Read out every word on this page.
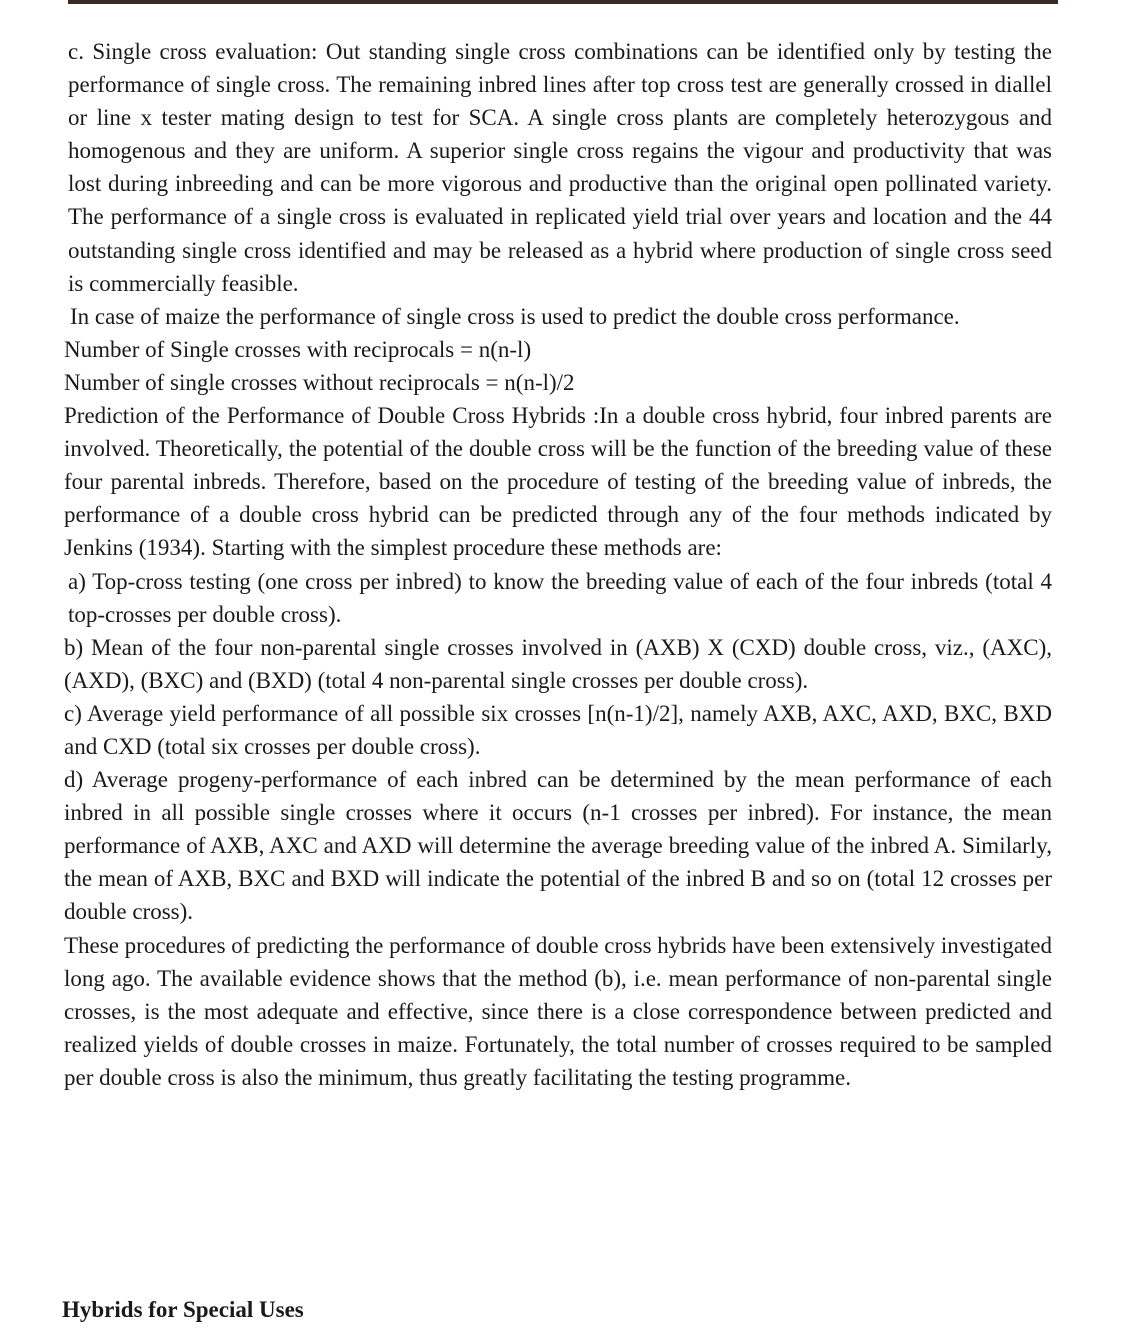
c. Single cross evaluation: Out standing single cross combinations can be identified only by testing the performance of single cross. The remaining inbred lines after top cross test are generally crossed in diallel or line x tester mating design to test for SCA. A single cross plants are completely heterozygous and homogenous and they are uniform. A superior single cross regains the vigour and productivity that was lost during inbreeding and can be more vigorous and productive than the original open pollinated variety. The performance of a single cross is evaluated in replicated yield trial over years and location and the 44 outstanding single cross identified and may be released as a hybrid where production of single cross seed is commercially feasible.

In case of maize the performance of single cross is used to predict the double cross performance.

Number of Single crosses with reciprocals = n(n-l)

Number of single crosses without reciprocals = n(n-l)/2

Prediction of the Performance of Double Cross Hybrids :In a double cross hybrid, four inbred parents are involved. Theoretically, the potential of the double cross will be the function of the breeding value of these four parental inbreds. Therefore, based on the procedure of testing of the breeding value of inbreds, the performance of a double cross hybrid can be predicted through any of the four methods indicated by Jenkins (1934). Starting with the simplest procedure these methods are:

a) Top-cross testing (one cross per inbred) to know the breeding value of each of the four inbreds (total 4 top-crosses per double cross).

b) Mean of the four non-parental single crosses involved in (AXB) X (CXD) double cross, viz., (AXC), (AXD), (BXC) and (BXD) (total 4 non-parental single crosses per double cross).

c) Average yield performance of all possible six crosses [n(n-1)/2], namely AXB, AXC, AXD, BXC, BXD and CXD (total six crosses per double cross).

d) Average progeny-performance of each inbred can be determined by the mean performance of each inbred in all possible single crosses where it occurs (n-1 crosses per inbred). For instance, the mean performance of AXB, AXC and AXD will determine the average breeding value of the inbred A. Similarly, the mean of AXB, BXC and BXD will indicate the potential of the inbred B and so on (total 12 crosses per double cross).

These procedures of predicting the performance of double cross hybrids have been extensively investigated long ago. The available evidence shows that the method (b), i.e. mean performance of non-parental single crosses, is the most adequate and effective, since there is a close correspondence between predicted and realized yields of double crosses in maize. Fortunately, the total number of crosses required to be sampled per double cross is also the minimum, thus greatly facilitating the testing programme.

Hybrids for Special Uses
